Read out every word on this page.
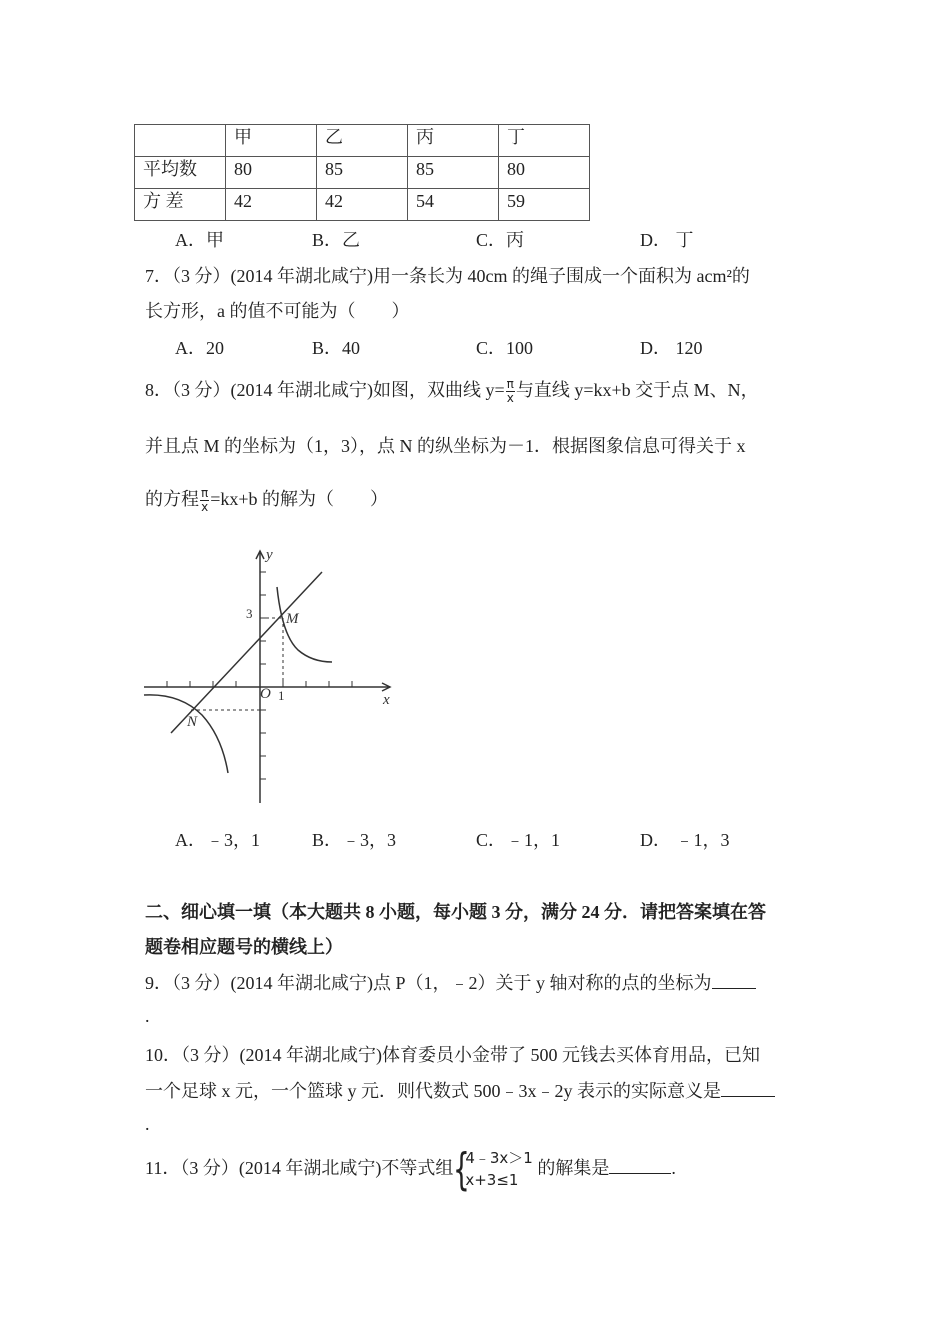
	甲	乙	丙	丁
平均数	80	85	85	80
方 差	42	42	54	59
A．甲	B．乙	C．丙	D． 丁
7．（3 分）(2014 年湖北咸宁)用一条长为 40cm 的绳子围成一个面积为 acm²的
长方形，a 的值不可能为（　　）
A．20	B．40	C．100	D． 120
8．（3 分）(2014 年湖北咸宁)如图，双曲线 $y= \frac{\pi}{x}$ 与直线 y=kx+b 交于点 M、N，
并且点 M 的坐标为（1，3），点 N 的纵坐标为－1．根据图象信息可得关于 x
的方程 $\frac{\pi}{x} =kx+b$ 的解为（　　）
y
x
O 1
3 M
N
A．﹣3，1	B．﹣3，3	C．﹣1，1	D． ﹣1，3
二、细心填一填（本大题共 8 小题，每小题 3 分，满分 24 分．请把答案填在答
题卷相应题号的横线上）
9．（3 分）(2014 年湖北咸宁)点 P（1，﹣2）关于 y 轴对称的点的坐标为
.
10．（3 分）(2014 年湖北咸宁)体育委员小金带了 500 元钱去买体育用品，已知
一个足球 x 元，一个篮球 y 元．则代数式 500﹣3x﹣2y 表示的实际意义是
.
11．（3 分）(2014 年湖北咸宁)不等式组 {
4﹣3x＞1
x+3≤1
的解集是	.
